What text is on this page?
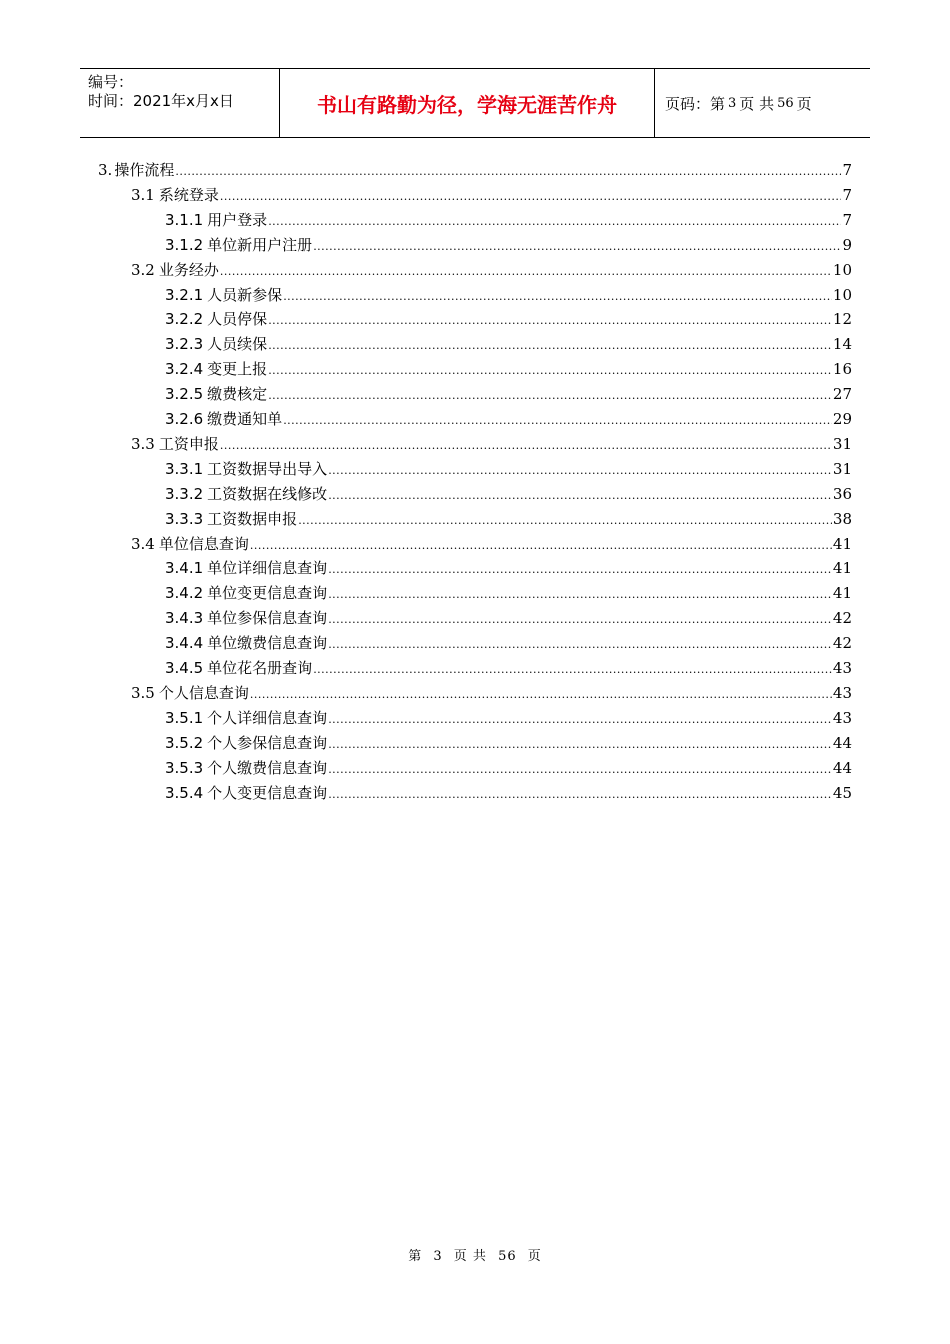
编号：
时间：2021年x月x日	书山有路勤为径，学海无涯苦作舟	页码：第 3 页 共 56 页
3. 操作流程 .....	7
3.1 系统登录 .....	7
3.1.1 用户登录 .....	7
3.1.2 单位新用户注册 .....	9
3.2 业务经办 .....	10
3.2.1 人员新参保 .....	10
3.2.2 人员停保 .....	12
3.2.3 人员续保 .....	14
3.2.4 变更上报 .....	16
3.2.5 缴费核定 .....	27
3.2.6 缴费通知单 .....	29
3.3 工资申报 .....	31
3.3.1 工资数据导出导入 .....	31
3.3.2 工资数据在线修改 .....	36
3.3.3 工资数据申报 .....	38
3.4 单位信息查询 .....	41
3.4.1 单位详细信息查询 .....	41
3.4.2 单位变更信息查询 .....	41
3.4.3 单位参保信息查询 .....	42
3.4.4 单位缴费信息查询 .....	42
3.4.5 单位花名册查询 .....	43
3.5 个人信息查询 .....	43
3.5.1 个人详细信息查询 .....	43
3.5.2 个人参保信息查询 .....	44
3.5.3 个人缴费信息查询 .....	44
3.5.4 个人变更信息查询 .....	45
第 3 页 共 56 页
